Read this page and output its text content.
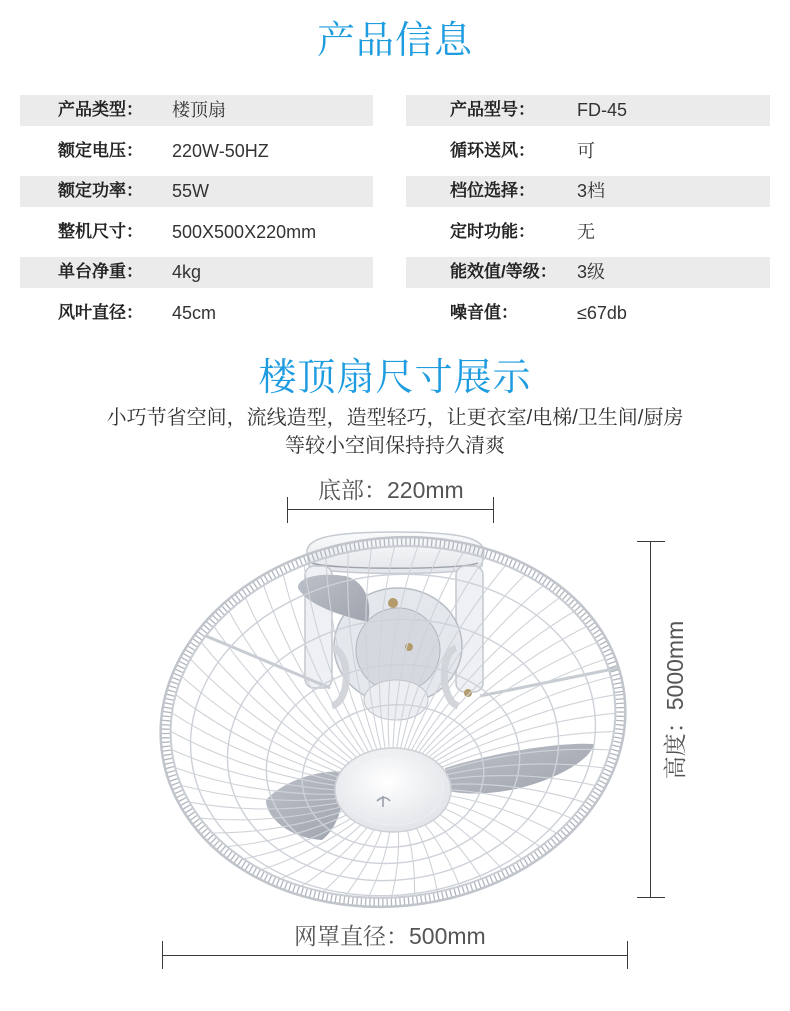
产品信息
产品类型： 楼顶扇
额定电压： 220W-50HZ
额定功率： 55W
整机尺寸： 500X500X220mm
单台净重： 4kg
风叶直径： 45cm
产品型号： FD-45
循环送风： 可
档位选择： 3档
定时功能： 无
能效值/等级： 3级
噪音值：	≤67db
楼顶扇尺寸展示
小巧节省空间，流线造型，造型轻巧，让更衣室/电梯/卫生间/厨房
等较小空间保持持久清爽
底部：220mm
高度：5000mm
网罩直径：500mm
